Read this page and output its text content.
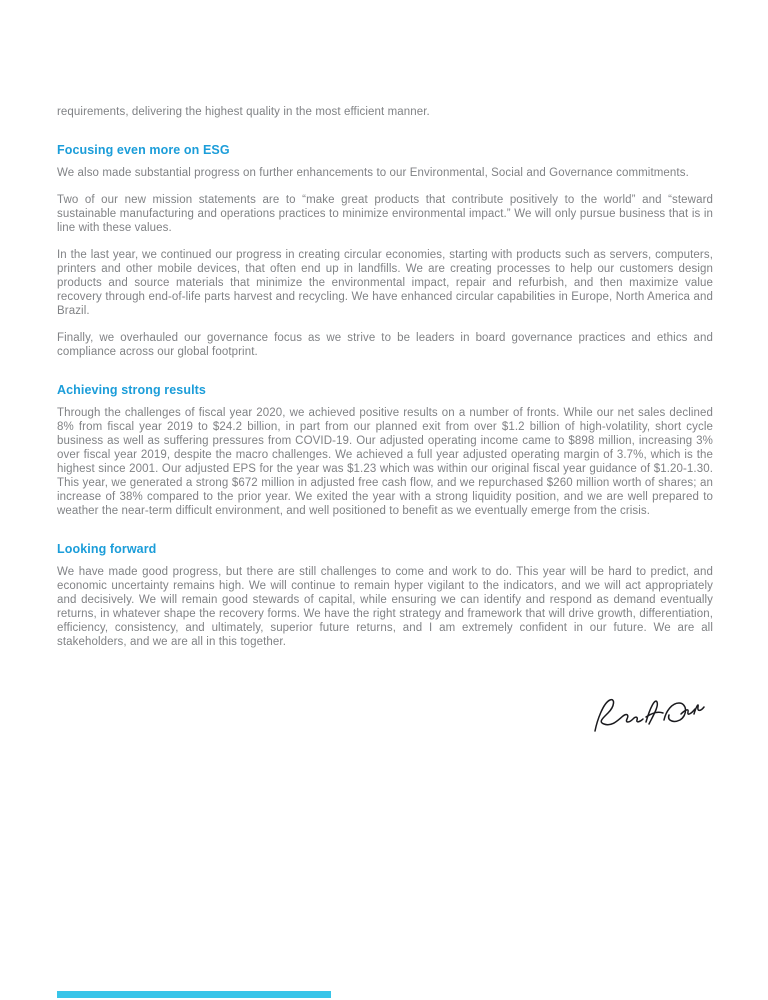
requirements, delivering the highest quality in the most efficient manner.

Focusing even more on ESG

We also made substantial progress on further enhancements to our Environmental, Social and Governance commitments.

Two of our new mission statements are to “make great products that contribute positively to the world” and “steward sustainable manufacturing and operations practices to minimize environmental impact.” We will only pursue business that is in line with these values.

In the last year, we continued our progress in creating circular economies, starting with products such as servers, computers, printers and other mobile devices, that often end up in landfills. We are creating processes to help our customers design products and source materials that minimize the environmental impact, repair and refurbish, and then maximize value recovery through end-of-life parts harvest and recycling. We have enhanced circular capabilities in Europe, North America and Brazil.

Finally, we overhauled our governance focus as we strive to be leaders in board governance practices and ethics and compliance across our global footprint.

Achieving strong results

Through the challenges of fiscal year 2020, we achieved positive results on a number of fronts. While our net sales declined 8% from fiscal year 2019 to $24.2 billion, in part from our planned exit from over $1.2 billion of high-volatility, short cycle business as well as suffering pressures from COVID-19. Our adjusted operating income came to $898 million, increasing 3% over fiscal year 2019, despite the macro challenges. We achieved a full year adjusted operating margin of 3.7%, which is the highest since 2001. Our adjusted EPS for the year was $1.23 which was within our original fiscal year guidance of $1.20-1.30. This year, we generated a strong $672 million in adjusted free cash flow, and we repurchased $260 million worth of shares; an increase of 38% compared to the prior year. We exited the year with a strong liquidity position, and we are well prepared to weather the near-term difficult environment, and well positioned to benefit as we eventually emerge from the crisis.

Looking forward

We have made good progress, but there are still challenges to come and work to do. This year will be hard to predict, and economic uncertainty remains high. We will continue to remain hyper vigilant to the indicators, and we will act appropriately and decisively. We will remain good stewards of capital, while ensuring we can identify and respond as demand eventually returns, in whatever shape the recovery forms. We have the right strategy and framework that will drive growth, differentiation, efficiency, consistency, and ultimately, superior future returns, and I am extremely confident in our future. We are all stakeholders, and we are all in this together.
